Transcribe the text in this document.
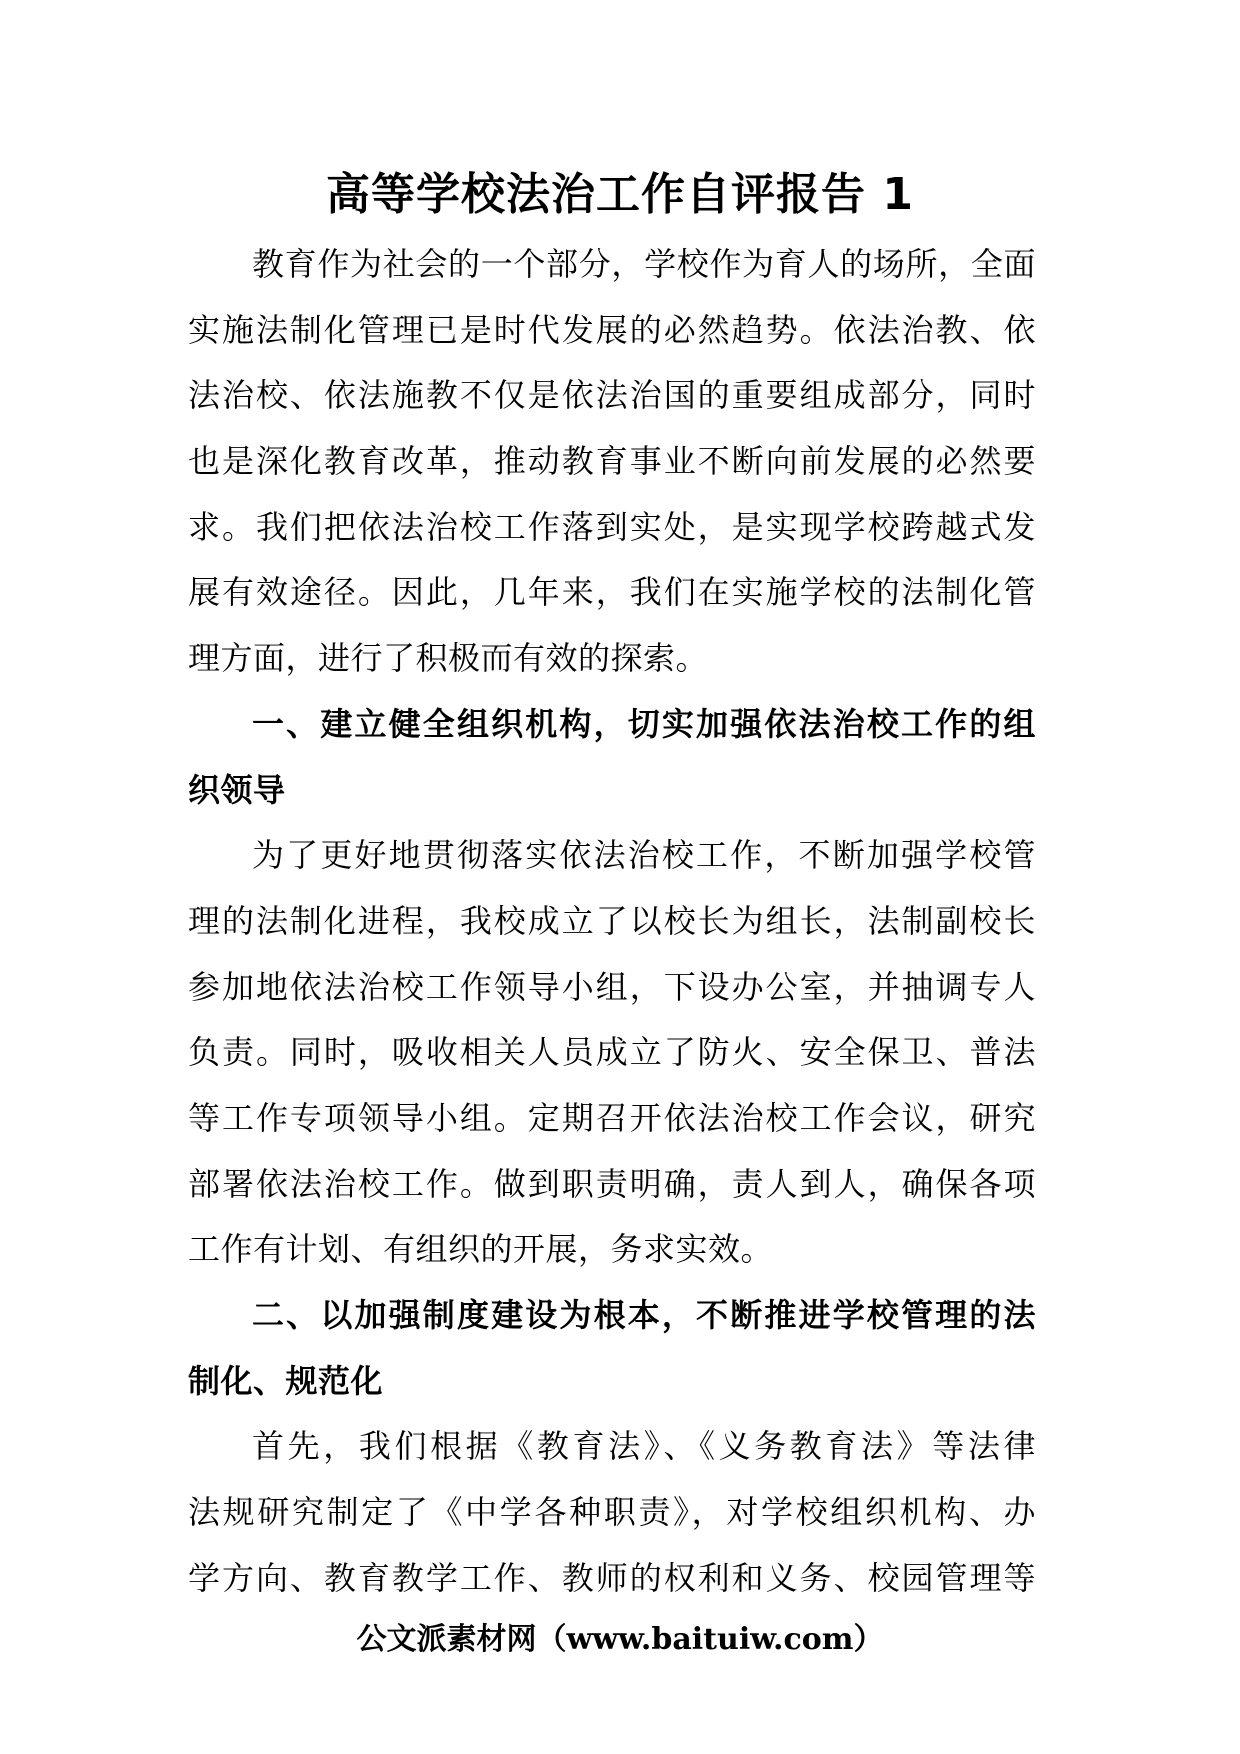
高等学校法治工作自评报告 1
教育作为社会的一个部分，学校作为育人的场所，全面
实施法制化管理已是时代发展的必然趋势。依法治教、依
法治校、依法施教不仅是依法治国的重要组成部分，同时
也是深化教育改革，推动教育事业不断向前发展的必然要
求。我们把依法治校工作落到实处，是实现学校跨越式发
展有效途径。因此，几年来，我们在实施学校的法制化管
理方面，进行了积极而有效的探索。
一、建立健全组织机构，切实加强依法治校工作的组
织领导
为了更好地贯彻落实依法治校工作，不断加强学校管
理的法制化进程，我校成立了以校长为组长，法制副校长
参加地依法治校工作领导小组，下设办公室，并抽调专人
负责。同时，吸收相关人员成立了防火、安全保卫、普法
等工作专项领导小组。定期召开依法治校工作会议，研究
部署依法治校工作。做到职责明确，责人到人，确保各项
工作有计划、有组织的开展，务求实效。
二、以加强制度建设为根本，不断推进学校管理的法
制化、规范化
首先，我们根据《教育法》、《义务教育法》等法律
法规研究制定了《中学各种职责》，对学校组织机构、办
学方向、教育教学工作、教师的权利和义务、校园管理等
公文派素材网（www.baituiw.com）
